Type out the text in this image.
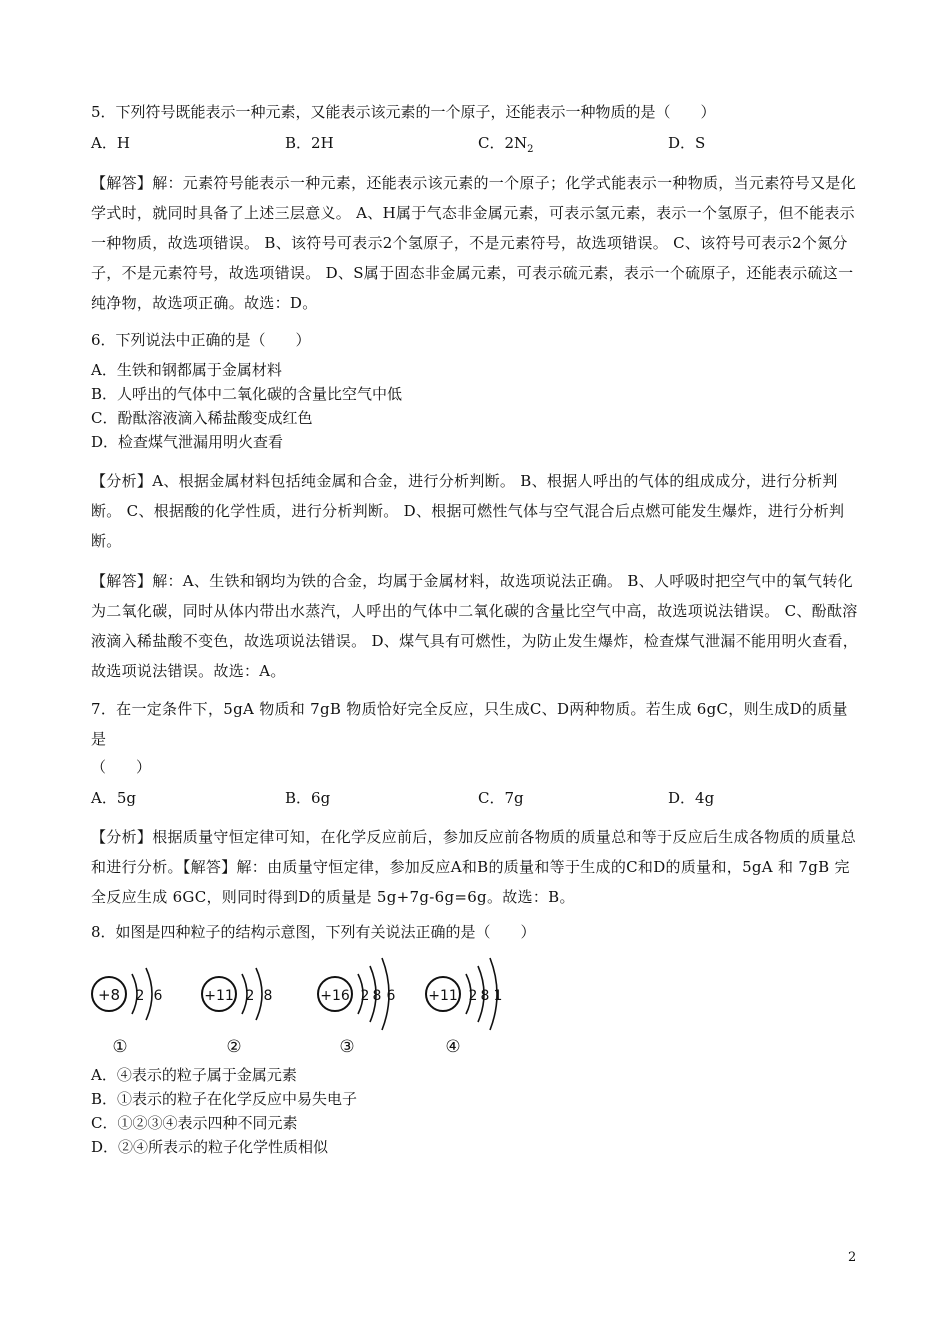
5．下列符号既能表示一种元素，又能表示该元素的一个原子，还能表示一种物质的是（　　）
A．H	B．2H	C．$2N_2$	D．S
【解答】解：元素符号能表示一种元素，还能表示该元素的一个原子；化学式能表示一种物质，当元素符号又是化学式时，就同时具备了上述三层意义。 A、H属于气态非金属元素，可表示氢元素，表示一个氢原子，但不能表示一种物质，故选项错误。 B、该符号可表示2个氢原子，不是元素符号，故选项错误。 C、该符号可表示2个氮分子，不是元素符号，故选项错误。 D、S属于固态非金属元素，可表示硫元素，表示一个硫原子，还能表示硫这一纯净物，故选项正确。故选：D。
6．下列说法中正确的是（　　）
A．生铁和钢都属于金属材料
B．人呼出的气体中二氧化碳的含量比空气中低
C．酚酞溶液滴入稀盐酸变成红色
D．检查煤气泄漏用明火查看
【分析】A、根据金属材料包括纯金属和合金，进行分析判断。 B、根据人呼出的气体的组成成分，进行分析判断。 C、根据酸的化学性质，进行分析判断。 D、根据可燃性气体与空气混合后点燃可能发生爆炸，进行分析判断。
【解答】解：A、生铁和钢均为铁的合金，均属于金属材料，故选项说法正确。 B、人呼吸时把空气中的氧气转化为二氧化碳，同时从体内带出水蒸汽，人呼出的气体中二氧化碳的含量比空气中高，故选项说法错误。 C、酚酞溶液滴入稀盐酸不变色，故选项说法错误。 D、煤气具有可燃性，为防止发生爆炸，检查煤气泄漏不能用明火查看，故选项说法错误。故选：A。
7．在一定条件下，5gA 物质和 7gB 物质恰好完全反应，只生成C、D两种物质。若生成 6gC，则生成D的质量是
（　　）
A．5g	B．6g	C．7g	D．4g
【分析】根据质量守恒定律可知，在化学反应前后，参加反应前各物质的质量总和等于反应后生成各物质的质量总和进行分析。【解答】解：由质量守恒定律，参加反应A和B的质量和等于生成的C和D的质量和，5gA 和 7gB 完全反应生成 6GC，则同时得到D的质量是 5g+7g-6g=6g。故选：B。
8．如图是四种粒子的结构示意图，下列有关说法正确的是（　　）
+8 2 6
①
+11 2 8
②
+16 2 8 6
③
+11 2 8 1
④
A．④表示的粒子属于金属元素
B．①表示的粒子在化学反应中易失电子
C．①②③④表示四种不同元素
D．②④所表示的粒子化学性质相似
2
